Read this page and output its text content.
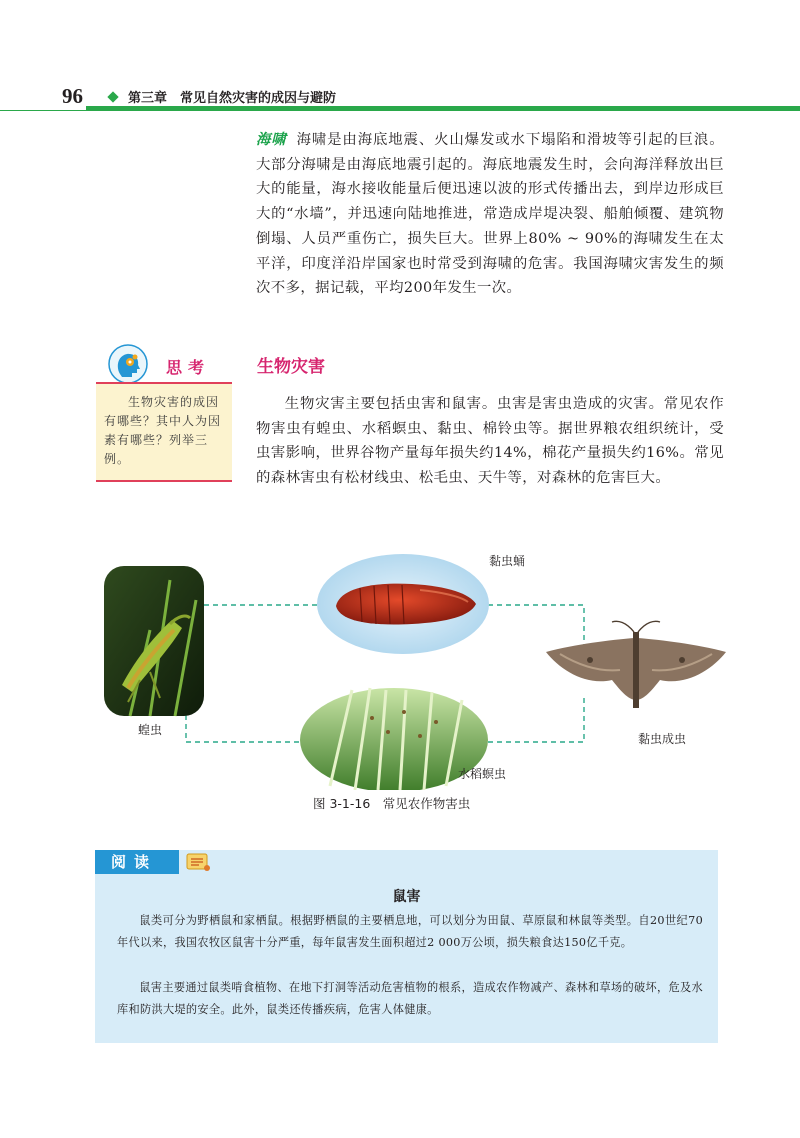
96	第三章　常见自然灾害的成因与避防
海啸 海啸是由海底地震、火山爆发或水下塌陷和滑坡等引起的巨浪。大部分海啸是由海底地震引起的。海底地震发生时，会向海洋释放出巨大的能量，海水接收能量后便迅速以波的形式传播出去，到岸边形成巨大的“水墙”，并迅速向陆地推进，常造成岸堤决裂、船舶倾覆、建筑物倒塌、人员严重伤亡，损失巨大。世界上80% ~ 90%的海啸发生在太平洋，印度洋沿岸国家也时常受到海啸的危害。我国海啸灾害发生的频次不多，据记载，平均200年发生一次。
思考
生物灾害的成因有哪些？其中人为因素有哪些？列举三例。
生物灾害
生物灾害主要包括虫害和鼠害。虫害是害虫造成的灾害。常见农作物害虫有蝗虫、水稻螟虫、黏虫、棉铃虫等。据世界粮农组织统计，受虫害影响，世界谷物产量每年损失约14%，棉花产量损失约16%。常见的森林害虫有松材线虫、松毛虫、天牛等，对森林的危害巨大。
黏虫蛹
蝗虫
黏虫成虫
水稻螟虫
图 3-1-16　常见农作物害虫
阅读
鼠害
鼠类可分为野栖鼠和家栖鼠。根据野栖鼠的主要栖息地，可以划分为田鼠、草原鼠和林鼠等类型。自20世纪70年代以来，我国农牧区鼠害十分严重，每年鼠害发生面积超过2 000万公顷，损失粮食达150亿千克。
鼠害主要通过鼠类啃食植物、在地下打洞等活动危害植物的根系，造成农作物减产、森林和草场的破坏，危及水库和防洪大堤的安全。此外，鼠类还传播疾病，危害人体健康。
